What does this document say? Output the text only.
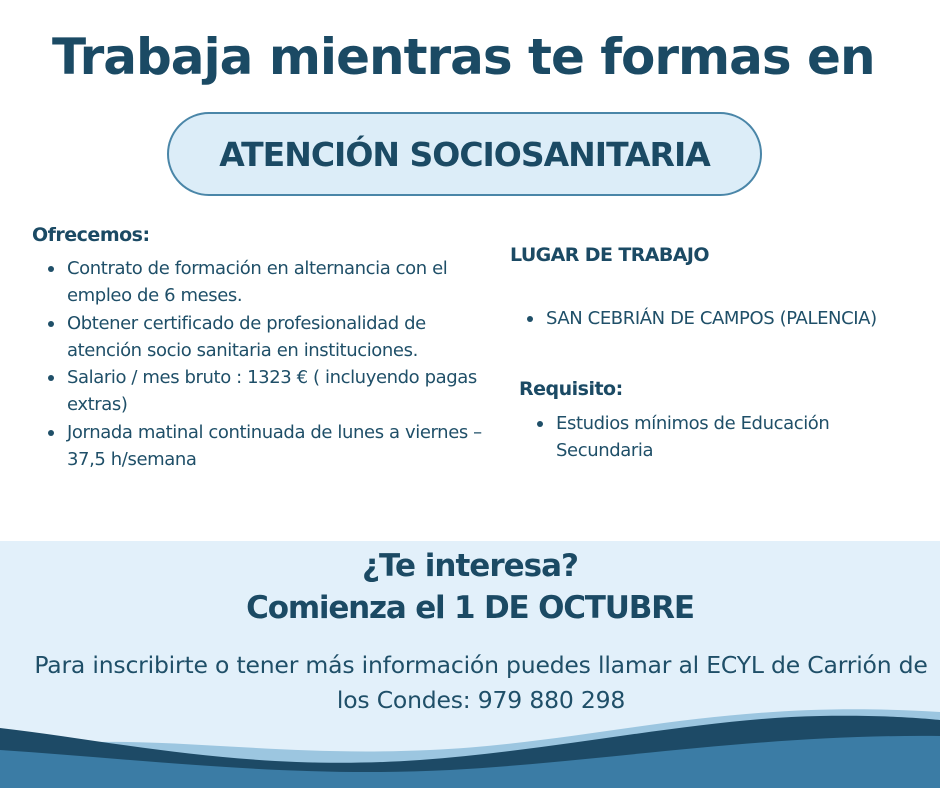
Trabaja mientras te formas en
ATENCIÓN SOCIOSANITARIA
Ofrecemos:
Contrato de formación en alternancia con el empleo de 6 meses.
Obtener certificado de profesionalidad de atención socio sanitaria en instituciones.
Salario / mes bruto : 1323 € ( incluyendo pagas extras)
Jornada matinal continuada de lunes a viernes – 37,5 h/semana
LUGAR DE TRABAJO
SAN CEBRIÁN DE CAMPOS (PALENCIA)
Requisito:
Estudios mínimos de Educación Secundaria
¿Te interesa?
Comienza el 1 DE OCTUBRE
Para inscribirte o tener más información puedes llamar al ECYL de Carrión de los Condes: 979 880 298
